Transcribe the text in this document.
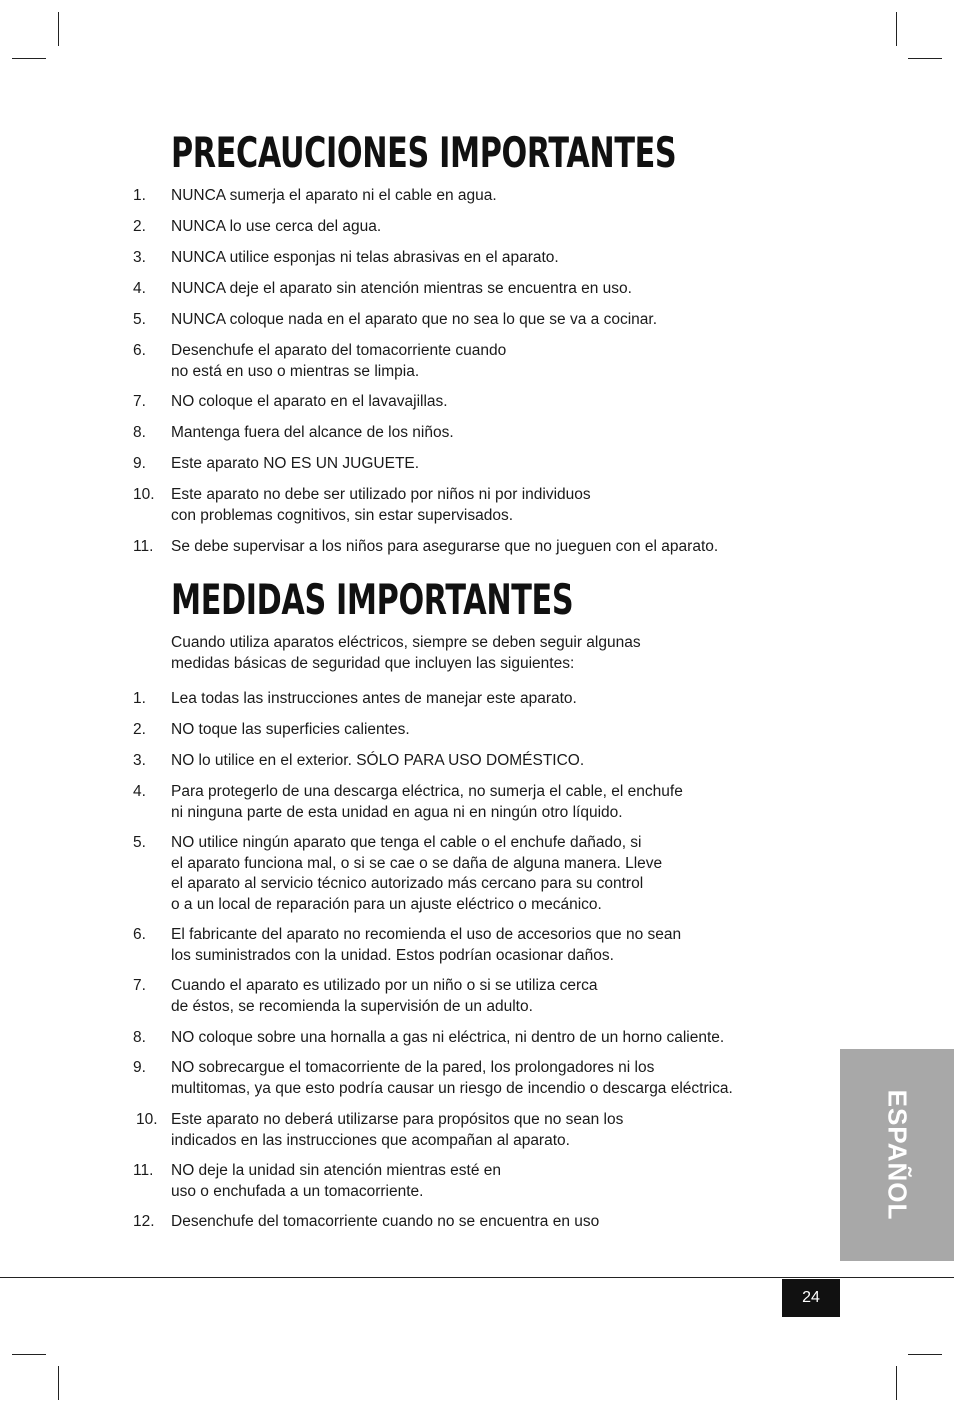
PRECAUCIONES IMPORTANTES
1. NUNCA sumerja el aparato ni el cable en agua.
2. NUNCA lo use cerca del agua.
3. NUNCA utilice esponjas ni telas abrasivas en el aparato.
4. NUNCA deje el aparato sin atención mientras se encuentra en uso.
5. NUNCA coloque nada en el aparato que no sea lo que se va a cocinar.
6. Desenchufe el aparato del tomacorriente cuando
no está en uso o mientras se limpia.
7. NO coloque el aparato en el lavavajillas.
8. Mantenga fuera del alcance de los niños.
9. Este aparato NO ES UN JUGUETE.
10. Este aparato no debe ser utilizado por niños ni por individuos
con problemas cognitivos, sin estar supervisados.
11. Se debe supervisar a los niños para asegurarse que no jueguen con el aparato.
MEDIDAS IMPORTANTES

Cuando utiliza aparatos eléctricos, siempre se deben seguir algunas
medidas básicas de seguridad que incluyen las siguientes:

1. Lea todas las instrucciones antes de manejar este aparato.
2. NO toque las superficies calientes.
3. NO lo utilice en el exterior. SÓLO PARA USO DOMÉSTICO.
4. Para protegerlo de una descarga eléctrica, no sumerja el cable, el enchufe
ni ninguna parte de esta unidad en agua ni en ningún otro líquido.
5. NO utilice ningún aparato que tenga el cable o el enchufe dañado, si
el aparato funciona mal, o si se cae o se daña de alguna manera. Lleve
el aparato al servicio técnico autorizado más cercano para su control
o a un local de reparación para un ajuste eléctrico o mecánico.
6. El fabricante del aparato no recomienda el uso de accesorios que no sean
los suministrados con la unidad. Estos podrían ocasionar daños.
7. Cuando el aparato es utilizado por un niño o si se utiliza cerca
de éstos, se recomienda la supervisión de un adulto.
8. NO coloque sobre una hornalla a gas ni eléctrica, ni dentro de un horno caliente.
9. NO sobrecargue el tomacorriente de la pared, los prolongadores ni los
multitomas, ya que esto podría causar un riesgo de incendio o descarga eléctrica.
10. Este aparato no deberá utilizarse para propósitos que no sean los
indicados en las instrucciones que acompañan al aparato.
11. NO deje la unidad sin atención mientras esté en
uso o enchufada a un tomacorriente.
12. Desenchufe del tomacorriente cuando no se encuentra en uso
ESPAÑOL
24
